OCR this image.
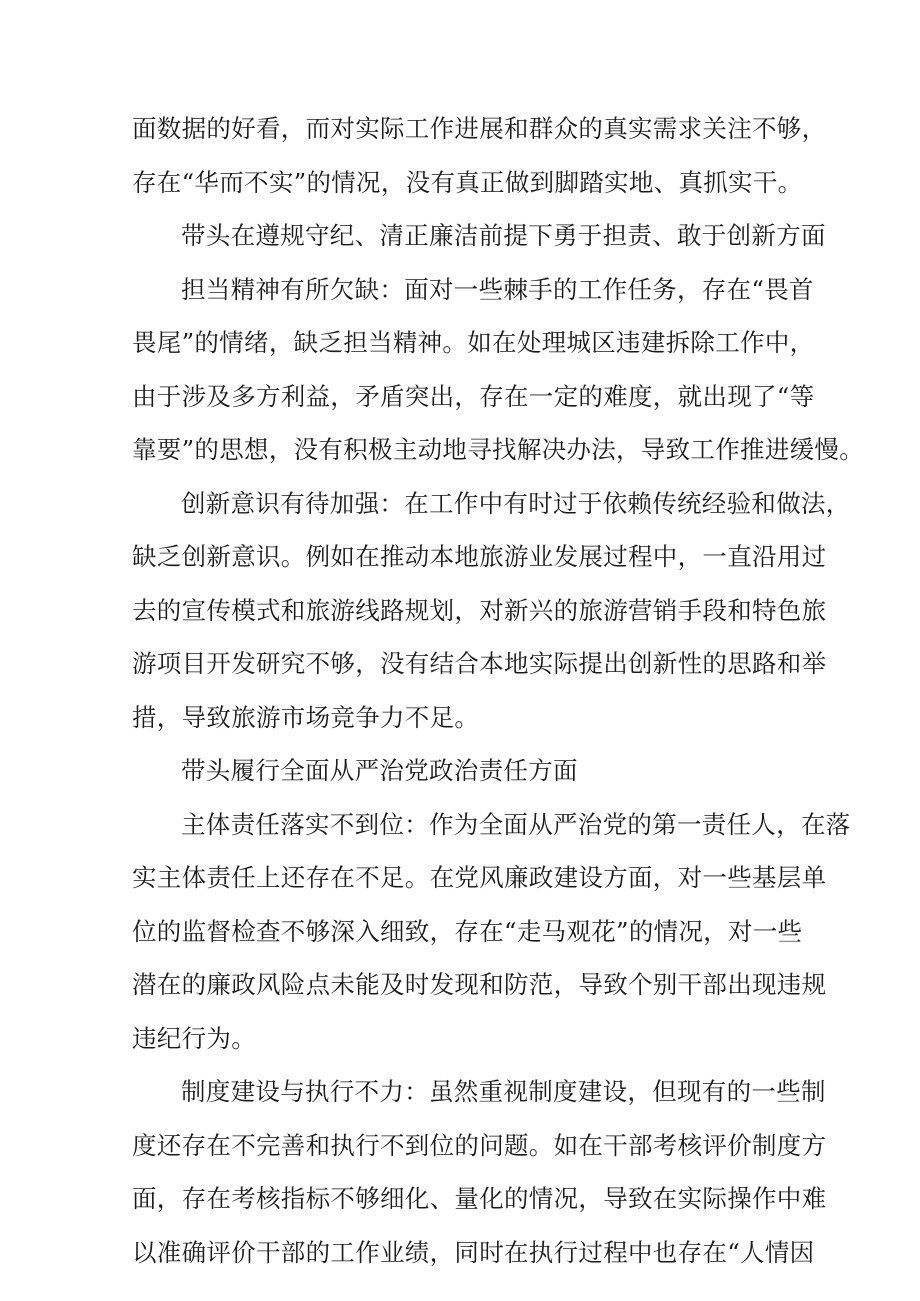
面数据的好看，而对实际工作进展和群众的真实需求关注不够，
存在“华而不实”的情况，没有真正做到脚踏实地、真抓实干。

带头在遵规守纪、清正廉洁前提下勇于担责、敢于创新方面

担当精神有所欠缺：面对一些棘手的工作任务，存在“畏首
畏尾”的情绪，缺乏担当精神。如在处理城区违建拆除工作中，
由于涉及多方利益，矛盾突出，存在一定的难度，就出现了“等
靠要”的思想，没有积极主动地寻找解决办法，导致工作推进缓慢。

创新意识有待加强：在工作中有时过于依赖传统经验和做法，
缺乏创新意识。例如在推动本地旅游业发展过程中，一直沿用过
去的宣传模式和旅游线路规划，对新兴的旅游营销手段和特色旅
游项目开发研究不够，没有结合本地实际提出创新性的思路和举
措，导致旅游市场竞争力不足。

带头履行全面从严治党政治责任方面

主体责任落实不到位：作为全面从严治党的第一责任人，在落
实主体责任上还存在不足。在党风廉政建设方面，对一些基层单
位的监督检查不够深入细致，存在“走马观花”的情况，对一些
潜在的廉政风险点未能及时发现和防范，导致个别干部出现违规
违纪行为。

制度建设与执行不力：虽然重视制度建设，但现有的一些制
度还存在不完善和执行不到位的问题。如在干部考核评价制度方
面，存在考核指标不够细化、量化的情况，导致在实际操作中难
以准确评价干部的工作业绩，同时在执行过程中也存在“人情因
